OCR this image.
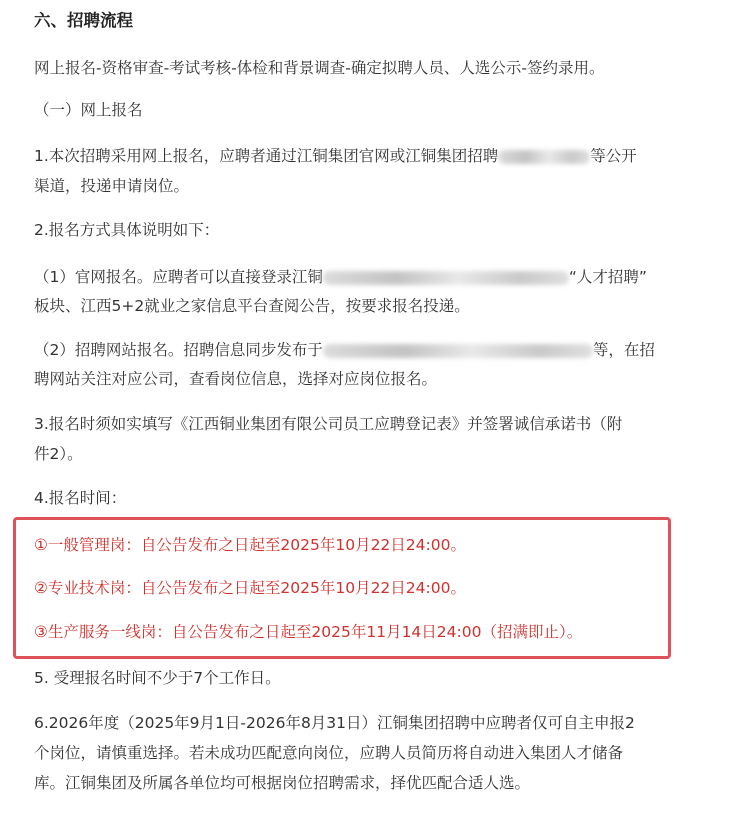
六、招聘流程
网上报名-资格审查-考试考核-体检和背景调查-确定拟聘人员、人选公示-签约录用。
（一）网上报名
1.本次招聘采用网上报名，应聘者通过江铜集团官网或江铜集团招聘	等公开
渠道，投递申请岗位。
2.报名方式具体说明如下：
（1）官网报名。应聘者可以直接登录江铜	“人才招聘”
板块、江西5+2就业之家信息平台查阅公告，按要求报名投递。
（2）招聘网站报名。招聘信息同步发布于	等，在招
聘网站关注对应公司，查看岗位信息，选择对应岗位报名。
3.报名时须如实填写《江西铜业集团有限公司员工应聘登记表》并签署诚信承诺书（附
件2）。
4.报名时间：
①一般管理岗：自公告发布之日起至2025年10月22日24:00。
②专业技术岗：自公告发布之日起至2025年10月22日24:00。
③生产服务一线岗：自公告发布之日起至2025年11月14日24:00（招满即止）。
5. 受理报名时间不少于7个工作日。
6.2026年度（2025年9月1日-2026年8月31日）江铜集团招聘中应聘者仅可自主申报2
个岗位，请慎重选择。若未成功匹配意向岗位，应聘人员简历将自动进入集团人才储备
库。江铜集团及所属各单位均可根据岗位招聘需求，择优匹配合适人选。
